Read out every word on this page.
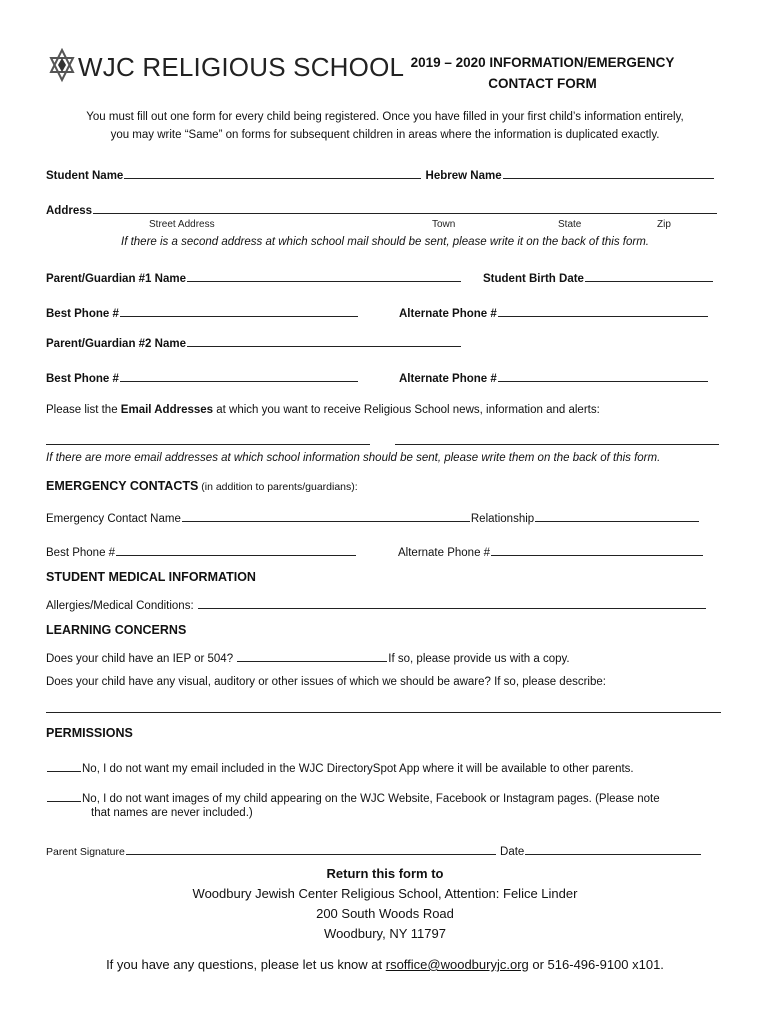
WJC RELIGIOUS SCHOOL 2019 – 2020 INFORMATION/EMERGENCY
CONTACT FORM
You must fill out one form for every child being registered. Once you have filled in your first child’s information entirely,
you may write “Same” on forms for subsequent children in areas where the information is duplicated exactly.
Student Name	Hebrew Name
Address
Street Address	Town	State	Zip
If there is a second address at which school mail should be sent, please write it on the back of this form.
Parent/Guardian #1 Name	Student Birth Date
Best Phone #	Alternate Phone #
Parent/Guardian #2 Name
Best Phone #	Alternate Phone #
Please list the Email Addresses at which you want to receive Religious School news, information and alerts:
If there are more email addresses at which school information should be sent, please write them on the back of this form.
EMERGENCY CONTACTS (in addition to parents/guardians):
Emergency Contact Name	Relationship
Best Phone #	Alternate Phone #
STUDENT MEDICAL INFORMATION
Allergies/Medical Conditions:
LEARNING CONCERNS
Does your child have an IEP or 504?	If so, please provide us with a copy.
Does your child have any visual, auditory or other issues of which we should be aware? If so, please describe:
PERMISSIONS
No, I do not want my email included in the WJC DirectorySpot App where it will be available to other parents.
No, I do not want images of my child appearing on the WJC Website, Facebook or Instagram pages. (Please note
that names are never included.)
Parent Signature	Date
Return this form to
Woodbury Jewish Center Religious School, Attention: Felice Linder
200 South Woods Road
Woodbury, NY 11797
If you have any questions, please let us know at rsoffice@woodburyjc.org or 516-496-9100 x101.
